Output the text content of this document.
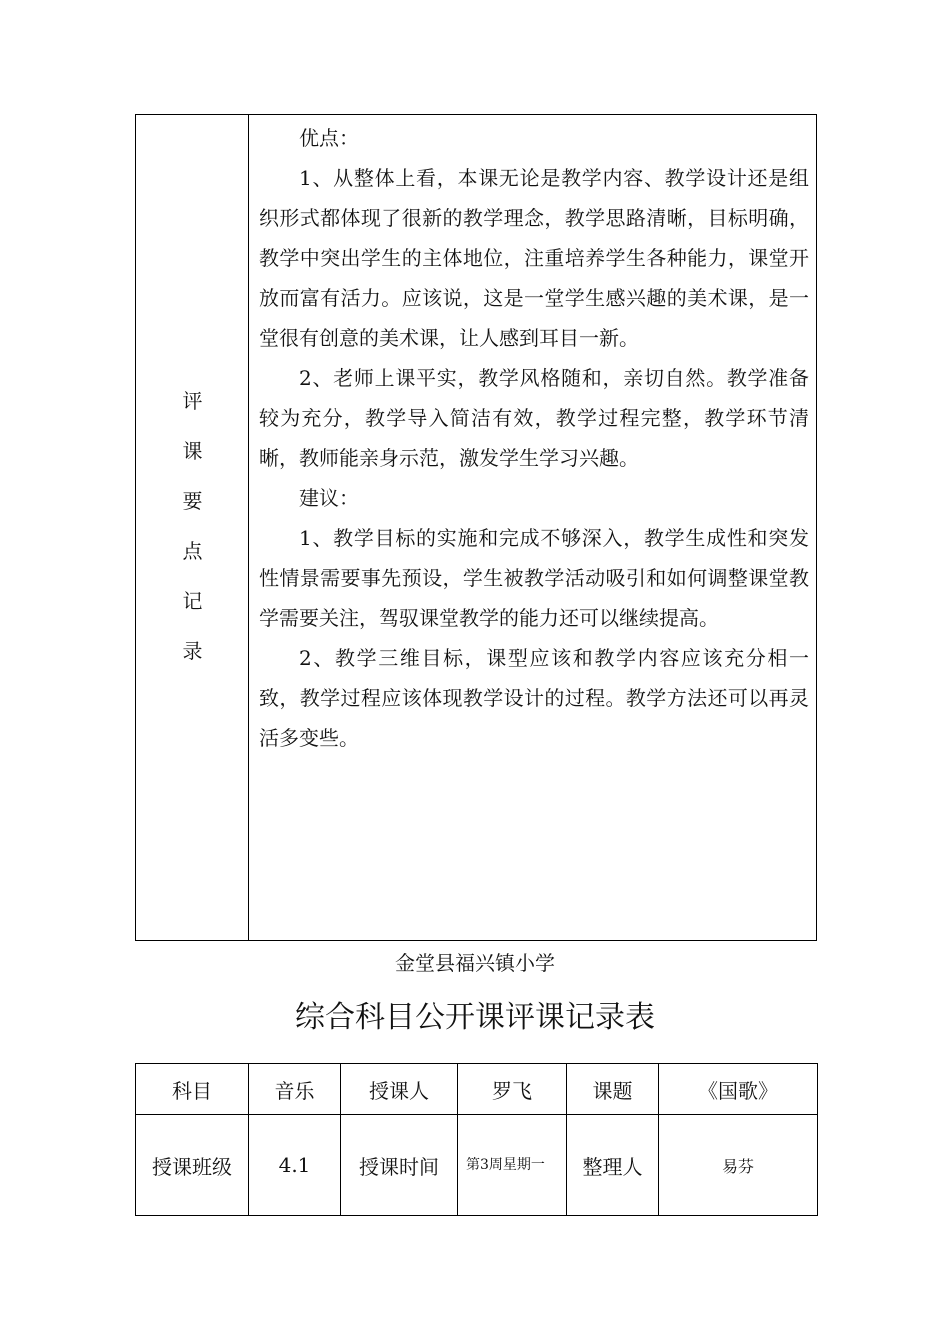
评
课
要
点
记
录

优点：

1、从整体上看，本课无论是教学内容、教学设计还是组织形式都体现了很新的教学理念，教学思路清晰，目标明确，教学中突出学生的主体地位，注重培养学生各种能力，课堂开放而富有活力。应该说，这是一堂学生感兴趣的美术课，是一堂很有创意的美术课，让人感到耳目一新。

2、老师上课平实，教学风格随和，亲切自然。教学准备较为充分，教学导入简洁有效，教学过程完整，教学环节清晰，教师能亲身示范，激发学生学习兴趣。

建议：

1、教学目标的实施和完成不够深入，教学生成性和突发性情景需要事先预设，学生被教学活动吸引和如何调整课堂教学需要关注，驾驭课堂教学的能力还可以继续提高。

2、教学三维目标，课型应该和教学内容应该充分相一致，教学过程应该体现教学设计的过程。教学方法还可以再灵活多变些。

金堂县福兴镇小学
综合科目公开课评课记录表
科目	音乐	授课人	罗飞	课题	《国歌》
授课班级	4.1	授课时间	第3周星期一	整理人	易芬
